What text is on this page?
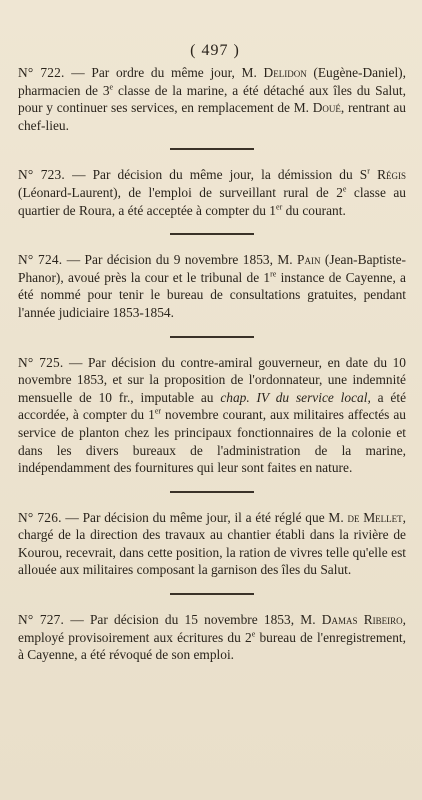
( 497 )

N° 722. — Par ordre du même jour, M. Delidon (Eugène-Daniel), pharmacien de 3e classe de la marine, a été détaché aux îles du Salut, pour y continuer ses services, en remplacement de M. Doué, rentrant au chef-lieu.

N° 723. — Par décision du même jour, la démission du $S^r$ Régis (Léonard-Laurent), de l'emploi de surveillant rural de 2e classe au quartier de Roura, a été acceptée à compter du 1er du courant.

N° 724. — Par décision du 9 novembre 1853, M. Pain (Jean-Baptiste-Phanor), avoué près la cour et le tribunal de 1re instance de Cayenne, a été nommé pour tenir le bureau de consultations gratuites, pendant l'année judiciaire 1853-1854.

N° 725. — Par décision du contre-amiral gouverneur, en date du 10 novembre 1853, et sur la proposition de l'ordonnateur, une indemnité mensuelle de 10 fr., imputable au chap. IV du service local, a été accordée, à compter du 1er novembre courant, aux militaires affectés au service de planton chez les principaux fonctionnaires de la colonie et dans les divers bureaux de l'administration de la marine, indépendamment des fournitures qui leur sont faites en nature.

N° 726. — Par décision du même jour, il a été réglé que M. de Mellet, chargé de la direction des travaux au chantier établi dans la rivière de Kourou, recevrait, dans cette position, la ration de vivres telle qu'elle est allouée aux militaires composant la garnison des îles du Salut.

N° 727. — Par décision du 15 novembre 1853, M. Damas Ribeiro, employé provisoirement aux écritures du 2e bureau de l'enregistrement, à Cayenne, a été révoqué de son emploi.
